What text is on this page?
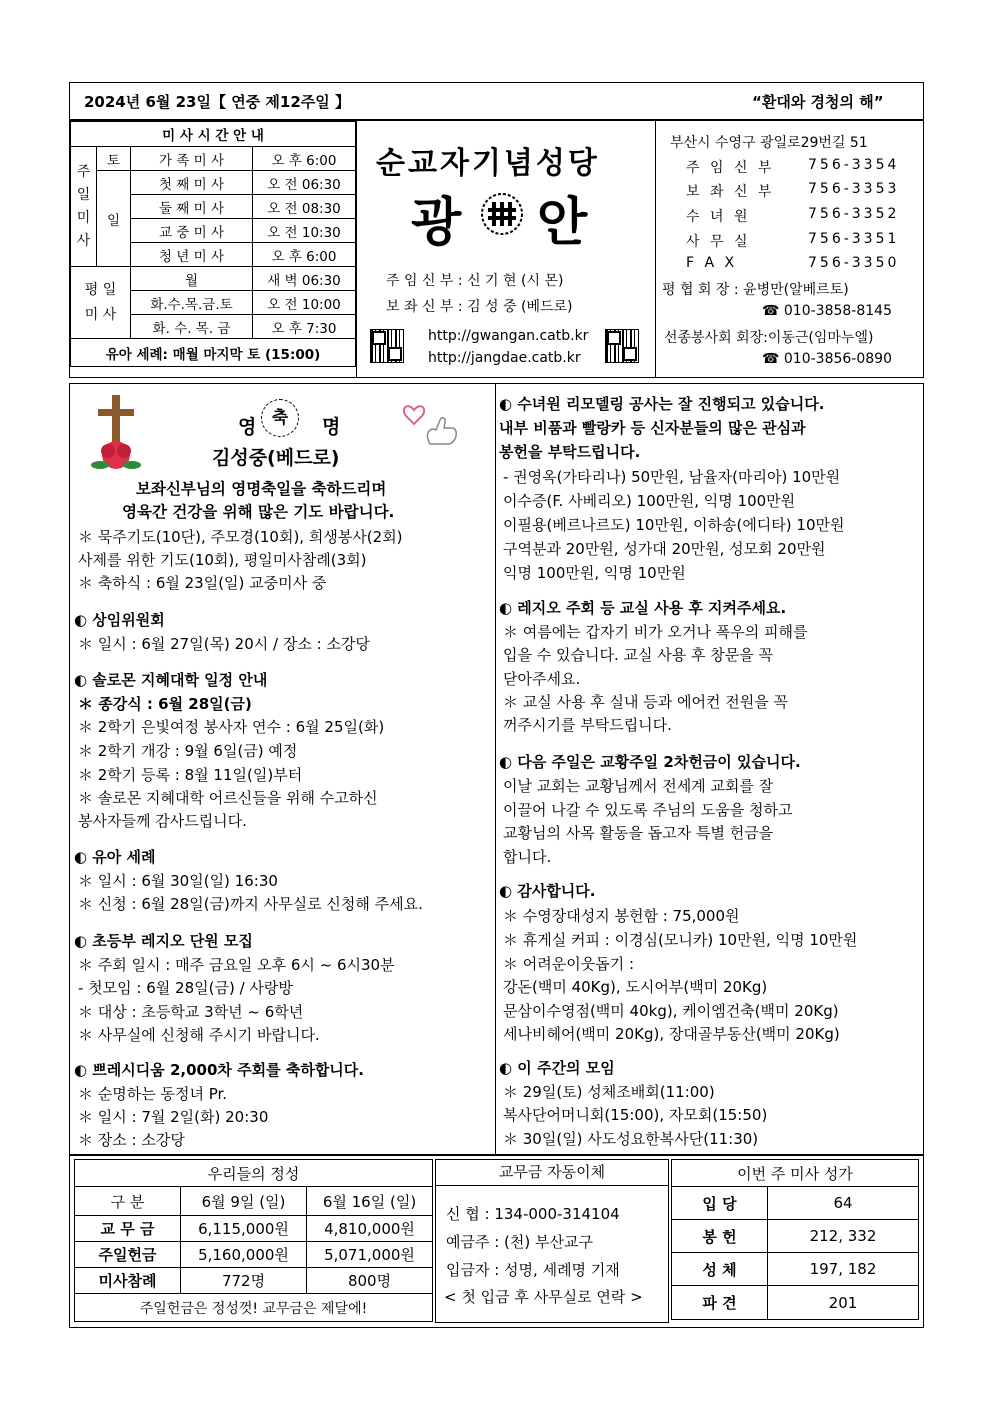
2024년 6월 23일【 연중 제12주일 】	“환대와 경청의 해”
미 사 시 간 안 내			
주
일
미
사	토	가 족 미 사	오 후 6:00
	일	첫 째 미 사	오 전 06:30
		둘 째 미 사	오 전 08:30
		교 중 미 사	오 전 10:30
		청 년 미 사	오 후 6:00
평 일
미 사		월	새 벽 06:30
		화.수.목.금.토	오 전 10:00
		화. 수. 목. 금	오 후 7:30
유아 세례: 매월 마지막 토 (15:00)			
순교자기념성당
광 안
주 임 신 부 : 신 기 현 (시 몬)
보 좌 신 부 : 김 성 중 (베드로)
http://gwangan.catb.kr
http://jangdae.catb.kr
부산시 수영구 광일로29번길 51
주 임 신 부 756-3354
보 좌 신 부 756-3353
수 녀 원	756-3352
사 무 실	756-3351
F A X	756-3350
평 협 회 장 : 윤병만(알베르토)
☎ 010-3858-8145
선종봉사회 회장:이동근(임마누엘)
☎ 010-3856-0890
영 축	명
김성중(베드로)
보좌신부님의 영명축일을 축하드리며
영육간 건강을 위해 많은 기도 바랍니다.
＊ 묵주기도(10단), 주모경(10회), 희생봉사(2회)
사제를 위한 기도(10회), 평일미사참례(3회)
＊ 축하식 : 6월 23일(일) 교중미사 중
◐ 상임위원회
＊ 일시 : 6월 27일(목) 20시 / 장소 : 소강당
◐ 솔로몬 지혜대학 일정 안내
＊ 종강식 : 6월 28일(금)
＊ 2학기 은빛여정 봉사자 연수 : 6월 25일(화)
＊ 2학기 개강 : 9월 6일(금) 예정
＊ 2학기 등록 : 8월 11일(일)부터
＊ 솔로몬 지혜대학 어르신들을 위해 수고하신
봉사자들께 감사드립니다.
◐ 유아 세례
＊ 일시 : 6월 30일(일) 16:30
＊ 신청 : 6월 28일(금)까지 사무실로 신청해 주세요.
◐ 초등부 레지오 단원 모집
＊ 주회 일시 : 매주 금요일 오후 6시 ~ 6시30분
- 첫모임 : 6월 28일(금) / 사랑방
＊ 대상 : 초등학교 3학년 ~ 6학년
＊ 사무실에 신청해 주시기 바랍니다.
◐ 쁘레시디움 2,000차 주회를 축하합니다.
＊ 순명하는 동정녀 Pr.
＊ 일시 : 7월 2일(화) 20:30
＊ 장소 : 소강당
◐ 수녀원 리모델링 공사는 잘 진행되고 있습니다.
내부 비품과 빨랑카 등 신자분들의 많은 관심과
봉헌을 부탁드립니다.
- 권영옥(가타리나) 50만원, 남율자(마리아) 10만원
이수증(F. 사베리오) 100만원, 익명 100만원
이필용(베르나르도) 10만원, 이하송(에디타) 10만원
구역분과 20만원, 성가대 20만원, 성모회 20만원
익명 100만원, 익명 10만원
◐ 레지오 주회 등 교실 사용 후 지켜주세요.
＊ 여름에는 갑자기 비가 오거나 폭우의 피해를
입을 수 있습니다. 교실 사용 후 창문을 꼭
닫아주세요.
＊ 교실 사용 후 실내 등과 에어컨 전원을 꼭
꺼주시기를 부탁드립니다.
◐ 다음 주일은 교황주일 2차헌금이 있습니다.
이날 교회는 교황님께서 전세계 교회를 잘
이끌어 나갈 수 있도록 주님의 도움을 청하고
교황님의 사목 활동을 돕고자 특별 헌금을
합니다.
◐ 감사합니다.
＊ 수영장대성지 봉헌함 : 75,000원
＊ 휴게실 커피 : 이경심(모니카) 10만원, 익명 10만원
＊ 어려운이웃돕기 :
강돈(백미 40Kg), 도시어부(백미 20Kg)
문삼이수영점(백미 40kg), 케이엠건축(백미 20Kg)
세나비헤어(백미 20Kg), 장대골부동산(백미 20Kg)
◐ 이 주간의 모임
＊ 29일(토) 성체조배회(11:00)
복사단어머니회(15:00), 자모회(15:50)
＊ 30일(일) 사도성요한복사단(11:30)
우리들의 정성		
구 분	6월 9일 (일)	6월 16일 (일)
교 무 금	6,115,000원	4,810,000원
주일헌금	5,160,000원	5,071,000원
미사참례	772명	800명
주일헌금은 정성껏! 교무금은 제달에!		
교무금 자동이체
신 협 : 134-000-314104
예금주 : (천) 부산교구
입금자 : 성명, 세례명 기재
< 첫 입금 후 사무실로 연락 >
이번 주 미사 성가	
입 당	64
봉 헌	212, 332
성 체	197, 182
파 견	201
